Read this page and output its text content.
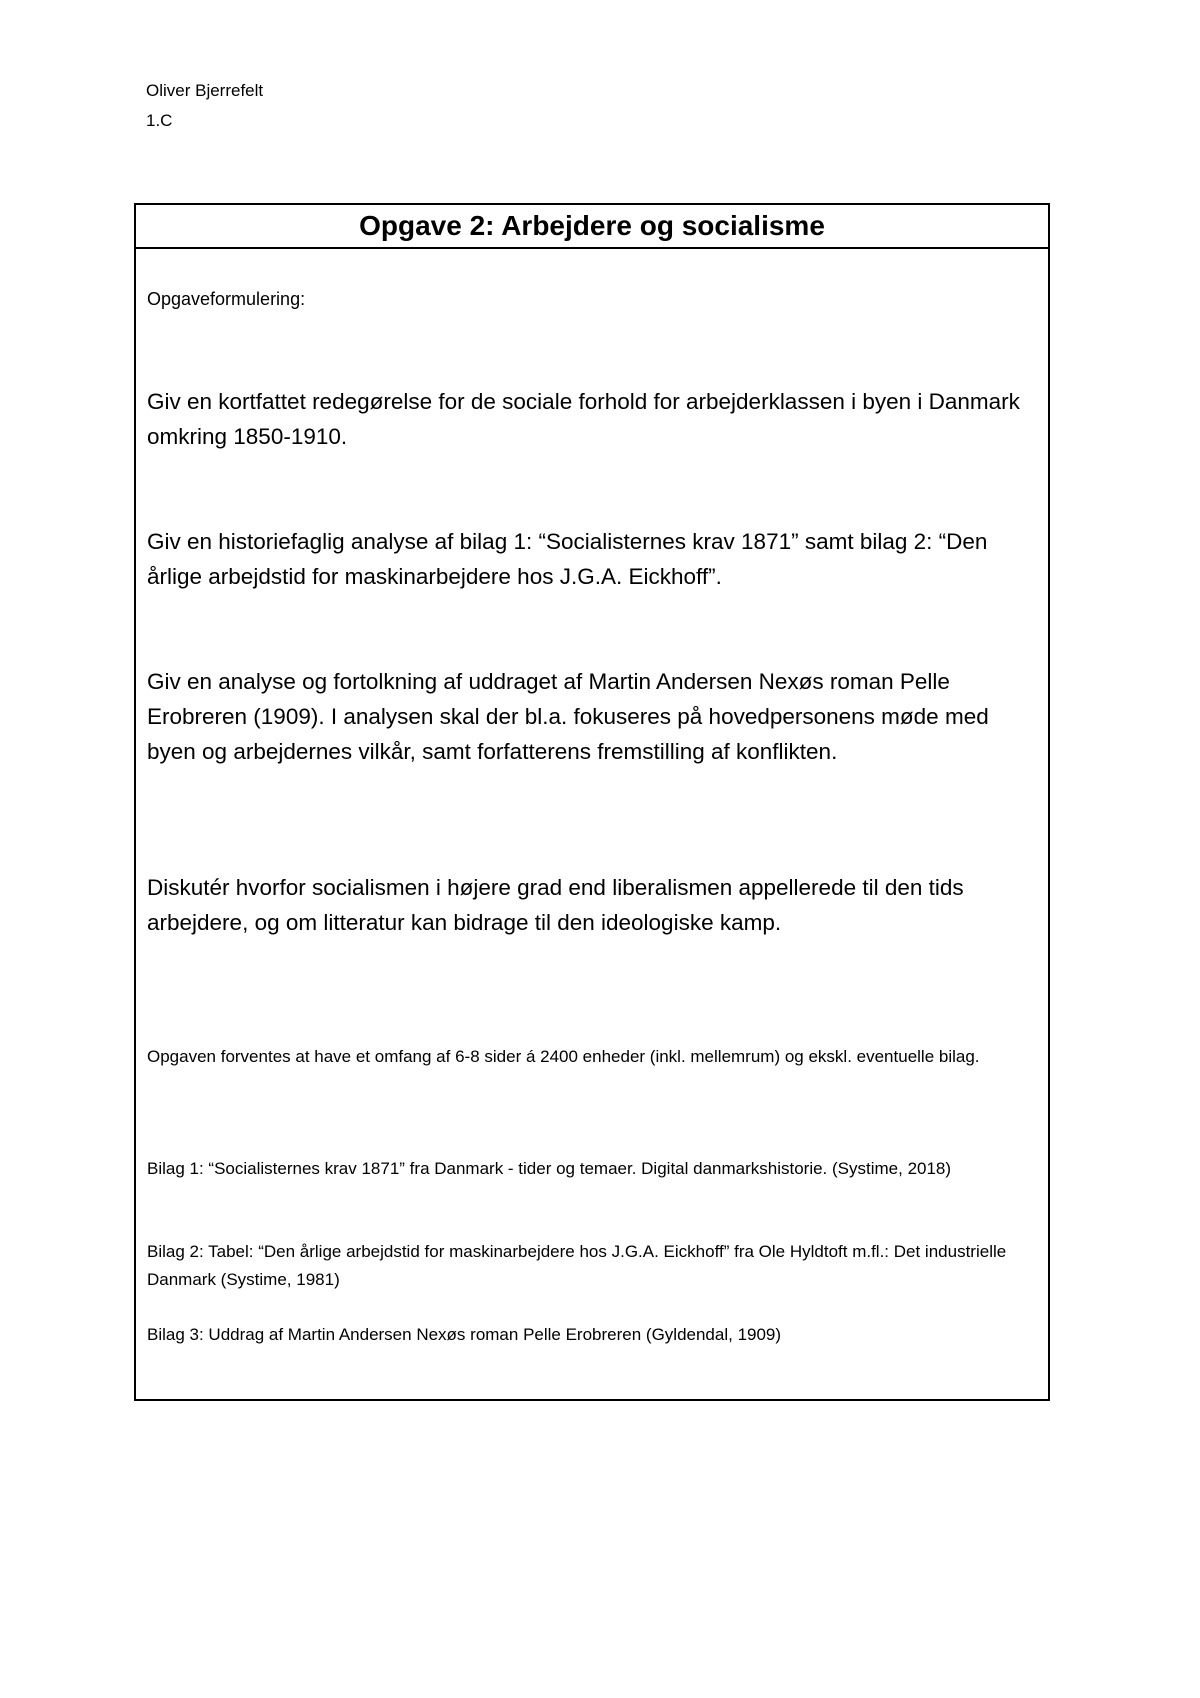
Oliver Bjerrefelt
1.C
Opgave 2: Arbejdere og socialisme

Opgaveformulering:

Giv en kortfattet redegørelse for de sociale forhold for arbejderklassen i byen i Danmark omkring 1850-1910.

Giv en historiefaglig analyse af bilag 1: “Socialisternes krav 1871” samt bilag 2: “Den årlige arbejdstid for maskinarbejdere hos J.G.A. Eickhoff”.

Giv en analyse og fortolkning af uddraget af Martin Andersen Nexøs roman Pelle Erobreren (1909). I analysen skal der bl.a. fokuseres på hovedpersonens møde med byen og arbejdernes vilkår, samt forfatterens fremstilling af konflikten.

Diskutér hvorfor socialismen i højere grad end liberalismen appellerede til den tids arbejdere, og om litteratur kan bidrage til den ideologiske kamp.

Opgaven forventes at have et omfang af 6-8 sider á 2400 enheder (inkl. mellemrum) og ekskl. eventuelle bilag.

Bilag 1: “Socialisternes krav 1871” fra Danmark - tider og temaer. Digital danmarkshistorie. (Systime, 2018)

Bilag 2: Tabel: “Den årlige arbejdstid for maskinarbejdere hos J.G.A. Eickhoff” fra Ole Hyldtoft m.fl.: Det industrielle Danmark (Systime, 1981)

Bilag 3: Uddrag af Martin Andersen Nexøs roman Pelle Erobreren (Gyldendal, 1909)
